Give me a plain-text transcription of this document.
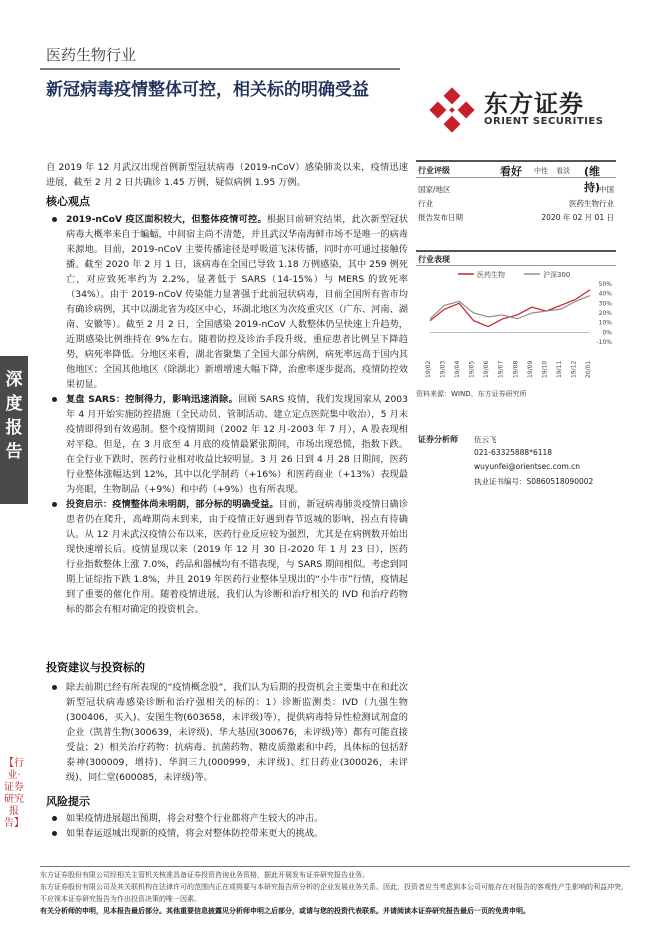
医药生物行业
新冠病毒疫情整体可控，相关标的明确受益	东方证券
ORIENT SECURITIES
深度报告
【行业·证券研究报告】
自 2019 年 12 月武汉出现首例新型冠状病毒（2019-nCoV）感染肺炎以来，疫情迅速进展，截至 2 月 2 日共确诊 1.45 万例，疑似病例 1.95 万例。
核心观点
2019-nCoV 疫区面积较大，但整体疫情可控。根据目前研究结果，此次新型冠状病毒大概率来自于蝙蝠，中间宿主尚不清楚，并且武汉华南海鲜市场不是唯一的病毒来源地。目前，2019-nCoV 主要传播途径是呼吸道飞沫传播，同时亦可通过接触传播。截至 2020 年 2 月 1 日，该病毒在全国已导致 1.18 万例感染，其中 259 例死亡，对应致死率约为 2.2%，显著低于 SARS（14-15%）与 MERS 的致死率（34%）。由于 2019-nCoV 传染能力显著强于此前冠状病毒，目前全国所有省市均有确诊病例，其中以湖北省为疫区中心，环湖北地区为次疫重灾区（广东、河南、湖南、安徽等）。截至 2 月 2 日，全国感染 2019-nCoV 人数整体仍呈快速上升趋势，近期感染比例维持在 9%左右。随着防控及诊治手段升级，重症患者比例呈下降趋势，病死率降低。分地区来看，湖北省聚集了全国大部分病例，病死率远高于国内其他地区；全国其他地区（除湖北）新增增速大幅下降，治愈率逐步提高，疫情防控效果初显。
复盘 SARS：控制得力，影响迅速消除。回顾 SARS 疫情，我们发现国家从 2003 年 4 月开始实施防控措施（全民动员、管制活动、建立定点医院集中收治），5 月末疫情即得到有效遏制。整个疫情期间（2002 年 12 月-2003 年 7 月），A 股表现相对平稳。但是，在 3 月底至 4 月底的疫情最紧张期间，市场出现恐慌，指数下跌。在全行业下跌时，医药行业相对收益比较明显。3 月 26 日到 4 月 28 日期间，医药行业整体涨幅达到 12%，其中以化学制药（+16%）和医药商业（+13%）表现最为亮眼，生物制品（+9%）和中药（+9%）也有所表现。
投资启示：疫情整体尚未明朗，部分标的明确受益。目前，新冠病毒肺炎疫情日确诊患者仍在爬升，高峰期尚未到来，由于疫情正好遇到春节返城的影响，拐点有待确认。从 12 月末武汉疫情公布以来，医药行业反应较为强烈，尤其是在病例数开始出现快速增长后。疫情显现以来（2019 年 12 月 30 日-2020 年 1 月 23 日），医药行业指数整体上涨 7.0%，药品和器械均有不错表现，与 SARS 期间相似。考虑到同期上证综指下跌 1.8%，并且 2019 年医药行业整体呈现出的“小牛市”行情，疫情起到了重要的催化作用。随着疫情进展，我们认为诊断和治疗相关的 IVD 和治疗药物标的都会有相对确定的投资机会。
投资建议与投资标的
除去前期已经有所表现的“疫情概念股”，我们认为后期的投资机会主要集中在和此次新型冠状病毒感染诊断和治疗强相关的标的：1）诊断监测类：IVD（九强生物(300406，买入)、安图生物(603658，未评级)等），提供病毒特异性检测试剂盒的企业（凯普生物(300639，未评级)、华大基因(300676，未评级)等）都有可能直接受益；2）相关治疗药物：抗病毒、抗菌药物、糖皮质激素和中药，具体标的包括舒泰神(300009，增持)、华润三九(000999，未评级)、红日药业(300026，未评级)、同仁堂(600085，未评级)等。
风险提示
如果疫情进展超出预期，将会对整个行业都将产生较大的冲击。
如果春运返城出现新的疫情，将会对整体防控带来更大的挑战。
行业评级	看好 中性 看淡 (维持)
国家/地区	中国
行业	医药生物行业
报告发布日期	2020 年 02 月 01 日
行业表现
医药生物	沪深300
50%
40%
30%
20%
10%
0%
-10%
19/02 19/03 19/04 19/05 19/06 19/07 19/08 19/09 19/10 19/11 19/12 20/01
资料来源：WIND、东方证券研究所
证券分析师 伍云飞
021-63325888*6118
wuyunfei@orientsec.com.cn
执业证书编号：S0860518090002
东方证券股份有限公司经相关主管机关核准具备证券投资咨询业务资格，据此开展发布证券研究报告业务。
东方证券股份有限公司及其关联机构在法律许可的范围内正在或将要与本研究报告所分析的企业发展业务关系。因此，投资者应当考虑到本公司可能存在对报告的客观性产生影响的利益冲突，不应视本证券研究报告为作出投资决策的唯一因素。
有关分析师的申明，见本报告最后部分。其他重要信息披露见分析师申明之后部分，或请与您的投资代表联系。并请阅读本证券研究报告最后一页的免责申明。
